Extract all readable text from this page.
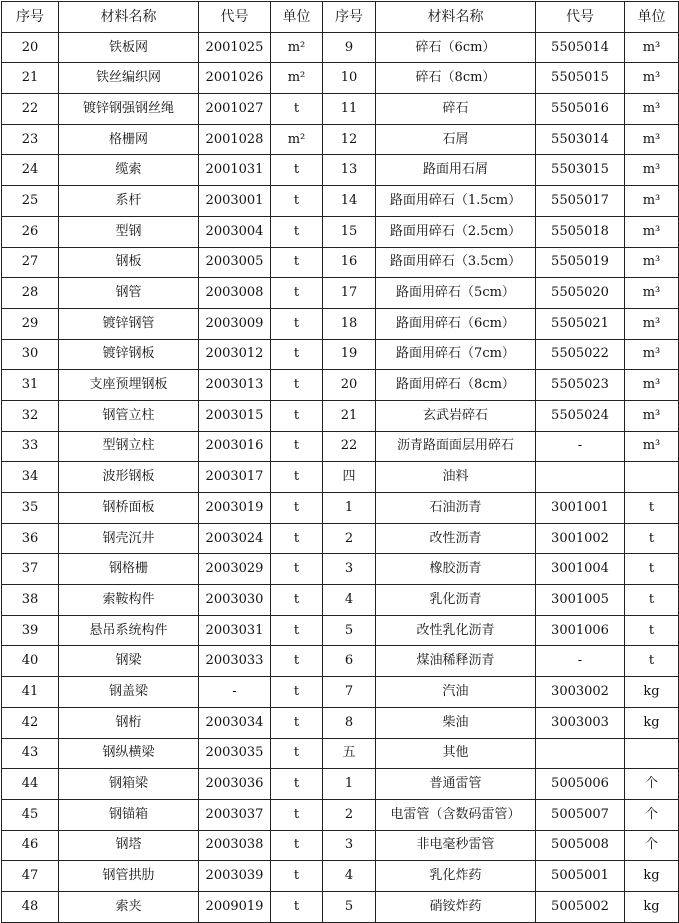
序号	材料名称	代号	单位	序号	材料名称	代号	单位
20	铁板网	2001025	m²	9	碎石（6cm）	5505014	m³
21	铁丝编织网	2001026	m²	10	碎石（8cm）	5505015	m³
22	镀锌钢强钢丝绳	2001027	t	11	碎石	5505016	m³
23	格栅网	2001028	m²	12	石屑	5503014	m³
24	缆索	2001031	t	13	路面用石屑	5503015	m³
25	系杆	2003001	t	14	路面用碎石（1.5cm）	5505017	m³
26	型钢	2003004	t	15	路面用碎石（2.5cm）	5505018	m³
27	钢板	2003005	t	16	路面用碎石（3.5cm）	5505019	m³
28	钢管	2003008	t	17	路面用碎石（5cm）	5505020	m³
29	镀锌钢管	2003009	t	18	路面用碎石（6cm）	5505021	m³
30	镀锌钢板	2003012	t	19	路面用碎石（7cm）	5505022	m³
31	支座预埋钢板	2003013	t	20	路面用碎石（8cm）	5505023	m³
32	钢管立柱	2003015	t	21	玄武岩碎石	5505024	m³
33	型钢立柱	2003016	t	22	沥青路面面层用碎石	-	m³
34	波形钢板	2003017	t	四	油料		
35	钢桥面板	2003019	t	1	石油沥青	3001001	t
36	钢壳沉井	2003024	t	2	改性沥青	3001002	t
37	钢格栅	2003029	t	3	橡胶沥青	3001004	t
38	索鞍构件	2003030	t	4	乳化沥青	3001005	t
39	悬吊系统构件	2003031	t	5	改性乳化沥青	3001006	t
40	钢梁	2003033	t	6	煤油稀释沥青	-	t
41	钢盖梁	-	t	7	汽油	3003002	kg
42	钢桁	2003034	t	8	柴油	3003003	kg
43	钢纵横梁	2003035	t	五	其他		
44	钢箱梁	2003036	t	1	普通雷管	5005006	个
45	钢锚箱	2003037	t	2	电雷管（含数码雷管）	5005007	个
46	钢塔	2003038	t	3	非电毫秒雷管	5005008	个
47	钢管拱肋	2003039	t	4	乳化炸药	5005001	kg
48	索夹	2009019	t	5	硝铵炸药	5005002	kg
